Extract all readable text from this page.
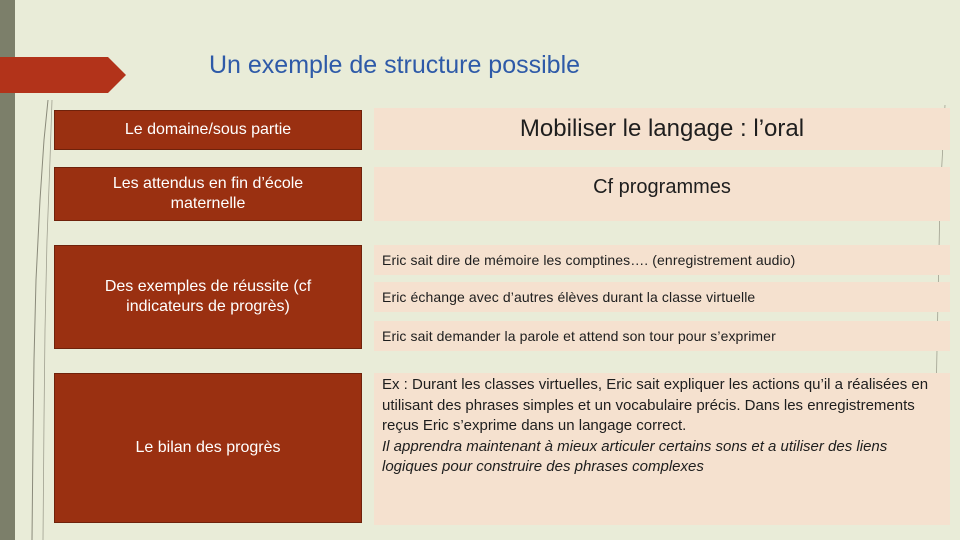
Un exemple de structure possible
Le domaine/sous partie	Mobiliser le langage : l’oral
Les attendus en fin d’école maternelle
Cf programmes
Des exemples de réussite (cf indicateurs de progrès)
Eric sait dire de mémoire les comptines…. (enregistrement audio)
Eric échange avec d’autres élèves durant la classe virtuelle
Eric sait demander la parole et attend son tour pour s’exprimer
Le bilan des progrès

Ex : Durant les classes virtuelles, Eric sait expliquer les actions qu’il a réalisées en utilisant des phrases simples et un vocabulaire précis. Dans les enregistrements reçus Eric s’exprime dans un langage correct.

Il apprendra maintenant à mieux articuler certains sons et a utiliser des liens logiques pour construire des phrases complexes
